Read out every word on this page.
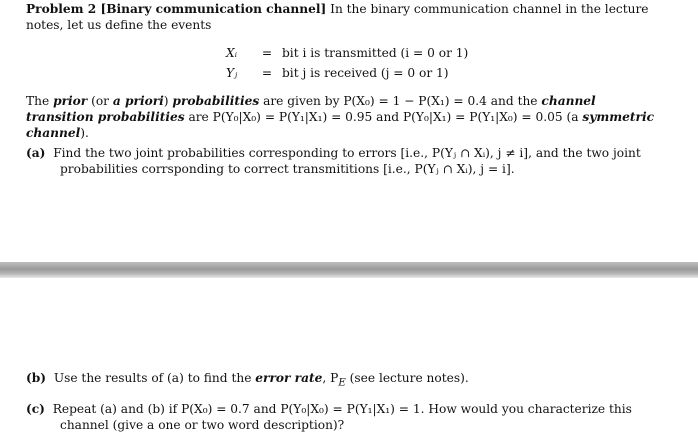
Problem 2 [Binary communication channel] In the binary communication channel in the lecture notes, let us define the events

Xᵢ	=	bit i is transmitted (i = 0 or 1)
Yⱼ	=	bit j is received (j = 0 or 1)

The prior (or a priori) probabilities are given by P(X₀) = 1 − P(X₁) = 0.4 and the channel transition probabilities are P(Y₀|X₀) = P(Y₁|X₁) = 0.95 and P(Y₀|X₁) = P(Y₁|X₀) = 0.05 (a symmetric channel).

(a) Find the two joint probabilities corresponding to errors [i.e., P(Yⱼ ∩ Xᵢ), j ≠ i], and the two joint probabilities corrsponding to correct transmititions [i.e., P(Yⱼ ∩ Xᵢ), j = i].

(b) Use the results of (a) to find the error rate, $P_E$ (see lecture notes).

(c) Repeat (a) and (b) if P(X₀) = 0.7 and P(Y₀|X₀) = P(Y₁|X₁) = 1. How would you characterize this channel (give a one or two word description)?
